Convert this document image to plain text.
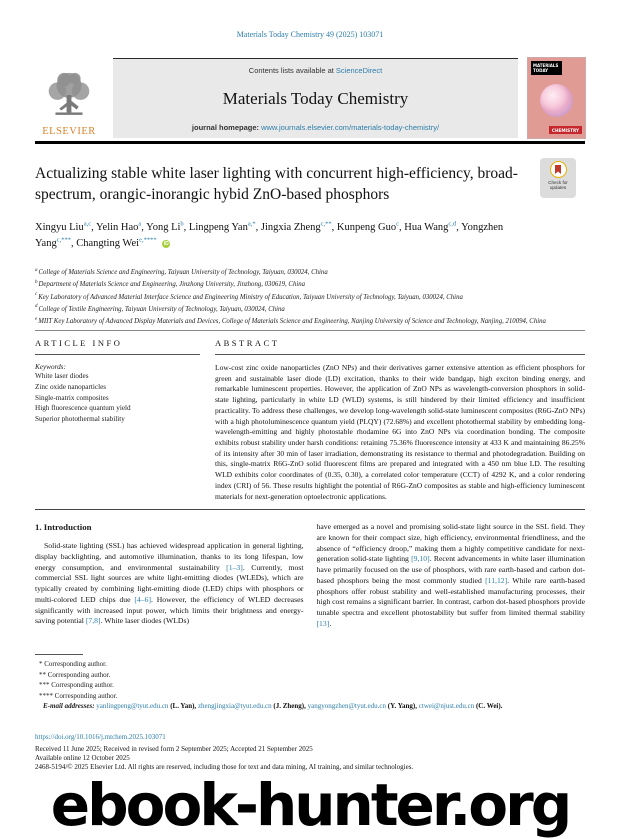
Materials Today Chemistry 49 (2025) 103071
ELSEVIER
Contents lists available at ScienceDirect
Materials Today Chemistry
journal homepage: www.journals.elsevier.com/materials-today-chemistry/
MATERIALS TODAY
CHEMISTRY
Actualizing stable white laser lighting with concurrent high-efficiency, broad-spectrum, orangic-inorangic hybid ZnO-based phosphors
Check for updates
Xingyu Liu$^{a,c}$, Yelin Hao$^a$, Yong Li$^b$, Lingpeng Yan$^{a,*}$, Jingxia Zheng$^{c,**}$, Kunpeng Guo$^c$, Hua Wang$^{c,d}$, Yongzhen Yang$^{c,***}$, Changting Wei$^{e,****}$ iD
$^a$College of Materials Science and Engineering, Taiyuan University of Technology, Taiyuan, 030024, China
$^b$Department of Materials Science and Engineering, Jinzhong University, Jinzhong, 030619, China
$^c$Key Laboratory of Advanced Material Interface Science and Engineering Ministry of Education, Taiyuan University of Technology, Taiyuan, 030024, China
$^d$College of Textile Engineering, Taiyuan University of Technology, Taiyuan, 030024, China
$^e$MIIT Key Laboratory of Advanced Display Materials and Devices, College of Materials Science and Engineering, Nanjing University of Science and Technology, Nanjing, 210094, China
ARTICLE INFO
Keywords:
White laser diodes
Zinc oxide nanoparticles
Single-matrix composites
High fluorescence quantum yield
Superior photothermal stability
ABSTRACT
Low-cost zinc oxide nanoparticles (ZnO NPs) and their derivatives garner extensive attention as efficient phosphors for green and sustainable laser diode (LD) excitation, thanks to their wide bandgap, high exciton binding energy, and remarkable luminescent properties. However, the application of ZnO NPs as wavelength-conversion phosphors in solid-state lighting, particularly in white LD (WLD) systems, is still hindered by their limited efficiency and insufficient practicality. To address these challenges, we develop long-wavelength solid-state luminescent composites (R6G-ZnO NPs) with a high photoluminescence quantum yield (PLQY) (72.68%) and excellent photothermal stability by embedding long-wavelength-emitting and highly photostable rhodamine 6G into ZnO NPs via coordination bonding. The composite exhibits robust stability under harsh conditions: retaining 75.36% fluorescence intensity at 433 K and maintaining 86.25% of its intensity after 30 min of laser irradiation, demonstrating its resistance to thermal and photodegradation. Building on this, single-matrix R6G-ZnO solid fluorescent films are prepared and integrated with a 450 nm blue LD. The resulting WLD exhibits color coordinates of (0.35, 0.30), a correlated color temperature (CCT) of 4292 K, and a color rendering index (CRI) of 56. These results highlight the potential of R6G-ZnO composites as stable and high-efficiency luminescent materials for next-generation optoelectronic applications.
1. Introduction
Solid-state lighting (SSL) has achieved widespread application in general lighting, display backlighting, and automotive illumination, thanks to its long lifespan, low energy consumption, and environmental sustainability [1–3]. Currently, most commercial SSL light sources are white light-emitting diodes (WLEDs), which are typically created by combining light-emitting diode (LED) chips with phosphors or multi-colored LED chips due [4–6]. However, the efficiency of WLED decreases significantly with increased input power, which limits their brightness and energy-saving potential [7,8]. White laser diodes (WLDs)
have emerged as a novel and promising solid-state light source in the SSL field. They are known for their compact size, high efficiency, environmental friendliness, and the absence of “efficiency droop,” making them a highly competitive candidate for next-generation solid-state lighting [9,10]. Recent advancements in white laser illumination have primarily focused on the use of phosphors, with rare earth-based and carbon dot-based phosphors being the most commonly studied [11,12]. While rare earth-based phosphors offer robust stability and well-established manufacturing processes, their high cost remains a significant barrier. In contrast, carbon dot-based phosphors provide tunable spectra and excellent photostability but suffer from limited thermal stability [13].
* Corresponding author.
** Corresponding author.
*** Corresponding author.
**** Corresponding author.
E-mail addresses: yanlingpeng@tyut.edu.cn (L. Yan), zhengjingxia@tyut.edu.cn (J. Zheng), yangyongzhen@tyut.edu.cn (Y. Yang), ctwei@njust.edu.cn (C. Wei).
https://doi.org/10.1016/j.mtchem.2025.103071
Received 11 June 2025; Received in revised form 2 September 2025; Accepted 21 September 2025
Available online 12 October 2025
2468-5194/© 2025 Elsevier Ltd. All rights are reserved, including those for text and data mining, AI training, and similar technologies.
ebook-hunter.org
